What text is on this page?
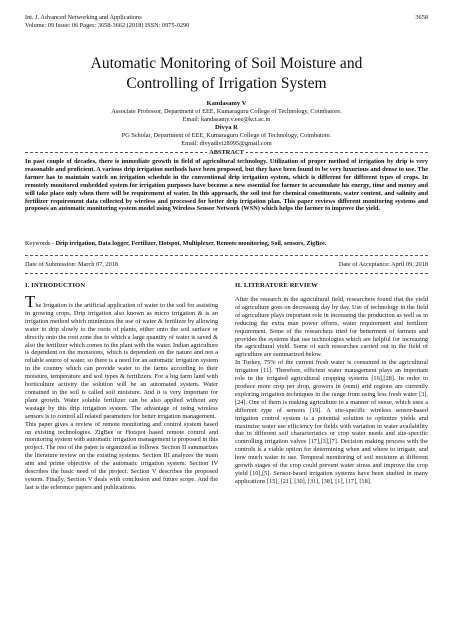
Int. J. Advanced Networking and Applications
Volume: 09 Issue: 06 Pages: 3658-3662 (2018) ISSN: 0975-0290
3658
Automatic Monitoring of Soil Moisture and
Controlling of Irrigation System
Kandasamy V
Associate Professor, Department of EEE, Kumaraguru College of Technology, Coimbatore.
Email: kandasamy.v.eee@kct.ac.in
Divya R
PG Scholar, Department of EEE, Kumaraguru College of Technology, Coimbatore.
Email: divyadivi28995@gmail.com
ABSTRACT
In past couple of decades, there is immediate growth in field of agricultural technology. Utilization of proper method of irrigation by drip is very reasonable and proficient. A various drip irrigation methods have been proposed, but they have been found to be very luxurious and dense to use. The farmer has to maintain watch on irrigation schedule in the conventional drip irrigation system, which is different for different types of crops. In remotely monitored embedded system for irrigation purposes have become a new essential for farmer to accumulate his energy, time and money and will take place only when there will be requirement of water. In this approach, the soil test for chemical constituents, water content, and salinity and fertilizer requirement data collected by wireless and processed for better drip irrigation plan. This paper reviews different monitoring systems and proposes an automatic monitoring system model using Wireless Sensor Network (WSN) which helps the farmer to improve the yield.
Keywords - Drip irrigation, Data logger, Fertilizer, Hotspot, Multiplexer, Remote monitoring, Soil, sensors, ZigBee.
Date of Submission: March 07, 2018	Date of Acceptance: April 09, 2018
I. INTRODUCTION	II. LITERATURE REVIEW

The Irrigation is the artificial application of water to the soil for assisting in growing crops. Drip irrigation also known as micro irrigation & is an irrigation method which minimizes the use of water & fertilizer by allowing water to drip slowly to the roots of plants, either onto the soil surface or directly onto the root zone due to which a large quantity of water is saved & also the fertilizer which comes to the plant with the water. Indian agriculture is dependent on the monsoons, which is dependent on the nature and not a reliable source of water, so there is a need for an automatic irrigation system in the country which can provide water to the farms according to their moisture, temperature and soil types & fertilizers. For a big farm land with horticulture activity the solution will be an automated system. Water contained in the soil is called soil moisture. And it is very important for plant growth. Water soluble fertilizer can be also applied without any wastage by this drip irrigation system. The advantage of using wireless sensors is to control all related parameters for better irrigation management.

This paper gives a review of remote monitoring and control system based on existing technologies. ZigBee or Hotspot based remote control and monitoring system with automatic irrigation management is proposed in this project. The rest of the paper is organized as follows. Section II summarizes the literature review on the existing systems. Section III analyzes the main aim and prime objective of the automatic irrigation system. Section IV describes the basic need of the project. Section V describes the proposed system. Finally, Section V deals with conclusion and future scope. And the last is the reference papers and publications.

After the research in the agricultural field, researchers found that the yield of agriculture goes on decreasing day by day. Use of technology in the field of agriculture plays important role in increasing the production as well as in reducing the extra man power efforts, water requirement and fertilizer requirement. Some of the researchers tried for betterment of farmers and provides the systems that use technologies which are helpful for increasing the agricultural yield. Some of such researches carried out in the field of agriculture are summarized below.

In Turkey, 75% of the current fresh water is consumed in the agricultural irrigation [11]. Therefore, efficient water management plays an important role in the irrigated agricultural cropping systems [16],[28]. In order to produce more crop per drop, growers in (semi) arid regions are currently exploring irrigation techniques in the range from using less fresh water [3],[24]. One of them is making agriculture in a manner of sense, which uses a different type of sensors [19]. A site-specific wireless sensor-based irrigation control system is a potential solution to optimize yields and maximize water use efficiency for fields with variation in water availability due to different soil characteristics or crop water needs and site-specific controlling irrigation valves [17],[3],[7]. Decision making process with the controls is a viable option for determining when and where to irrigate, and how much water to use. Temporal monitoring of soil moisture at different growth stages of the crop could prevent water stress and improve the crop yield [10],[5]. Sensor-based irrigation systems have been studied in many applications [15], [21], [30], [31], [38], [1], [17], [18].
